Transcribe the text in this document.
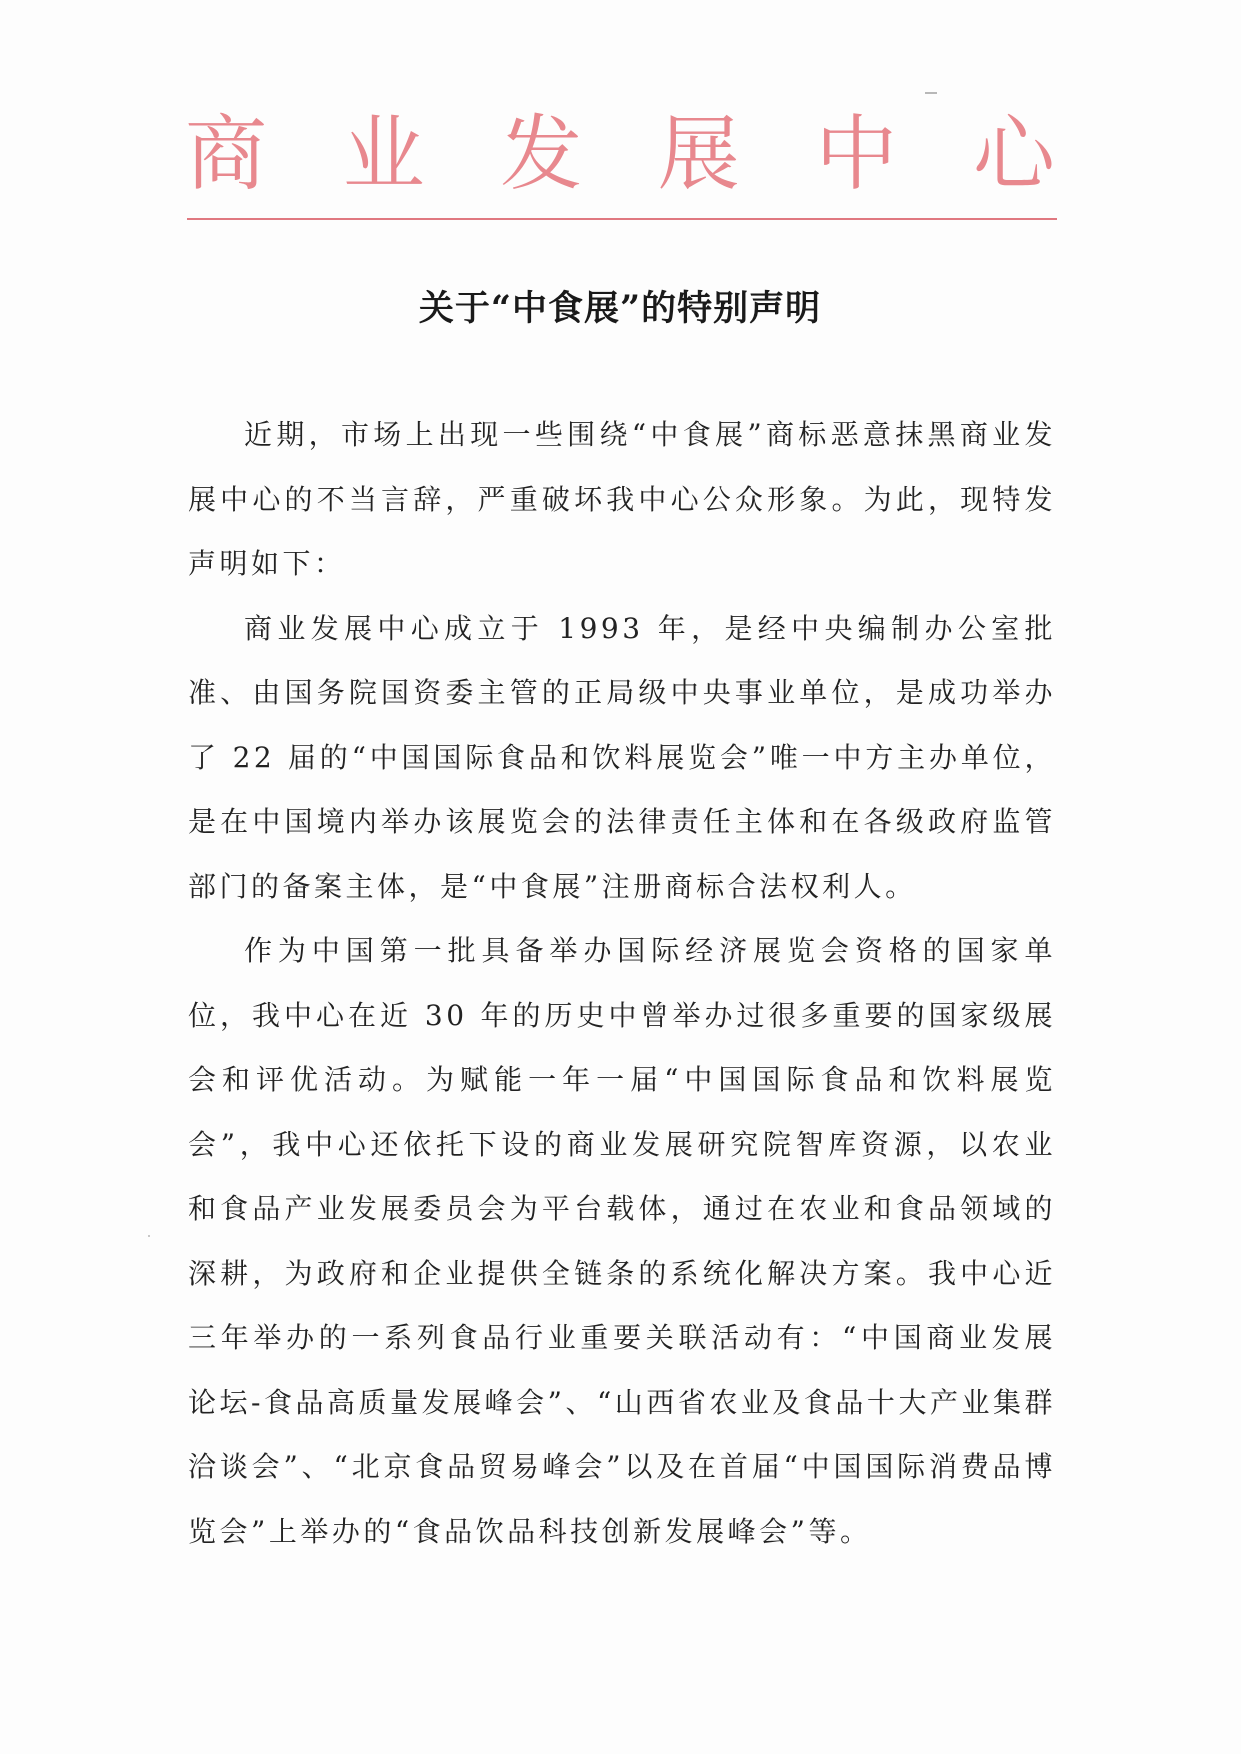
商 业 发 展 中 心
关于“中食展”的特别声明

近期，市场上出现一些围绕“中食展”商标恶意抹黑商业发展中心的不当言辞，严重破坏我中心公众形象。为此，现特发声明如下：

商业发展中心成立于 1993 年，是经中央编制办公室批准、由国务院国资委主管的正局级中央事业单位，是成功举办了 22 届的“中国国际食品和饮料展览会”唯一中方主办单位，是在中国境内举办该展览会的法律责任主体和在各级政府监管部门的备案主体，是“中食展”注册商标合法权利人。

作为中国第一批具备举办国际经济展览会资格的国家单位，我中心在近 30 年的历史中曾举办过很多重要的国家级展会和评优活动。为赋能一年一届“中国国际食品和饮料展览会”，我中心还依托下设的商业发展研究院智库资源，以农业和食品产业发展委员会为平台载体，通过在农业和食品领域的深耕，为政府和企业提供全链条的系统化解决方案。我中心近三年举办的一系列食品行业重要关联活动有：“中国商业发展论坛-食品高质量发展峰会”、“山西省农业及食品十大产业集群洽谈会”、“北京食品贸易峰会”以及在首届“中国国际消费品博览会”上举办的“食品饮品科技创新发展峰会”等。
